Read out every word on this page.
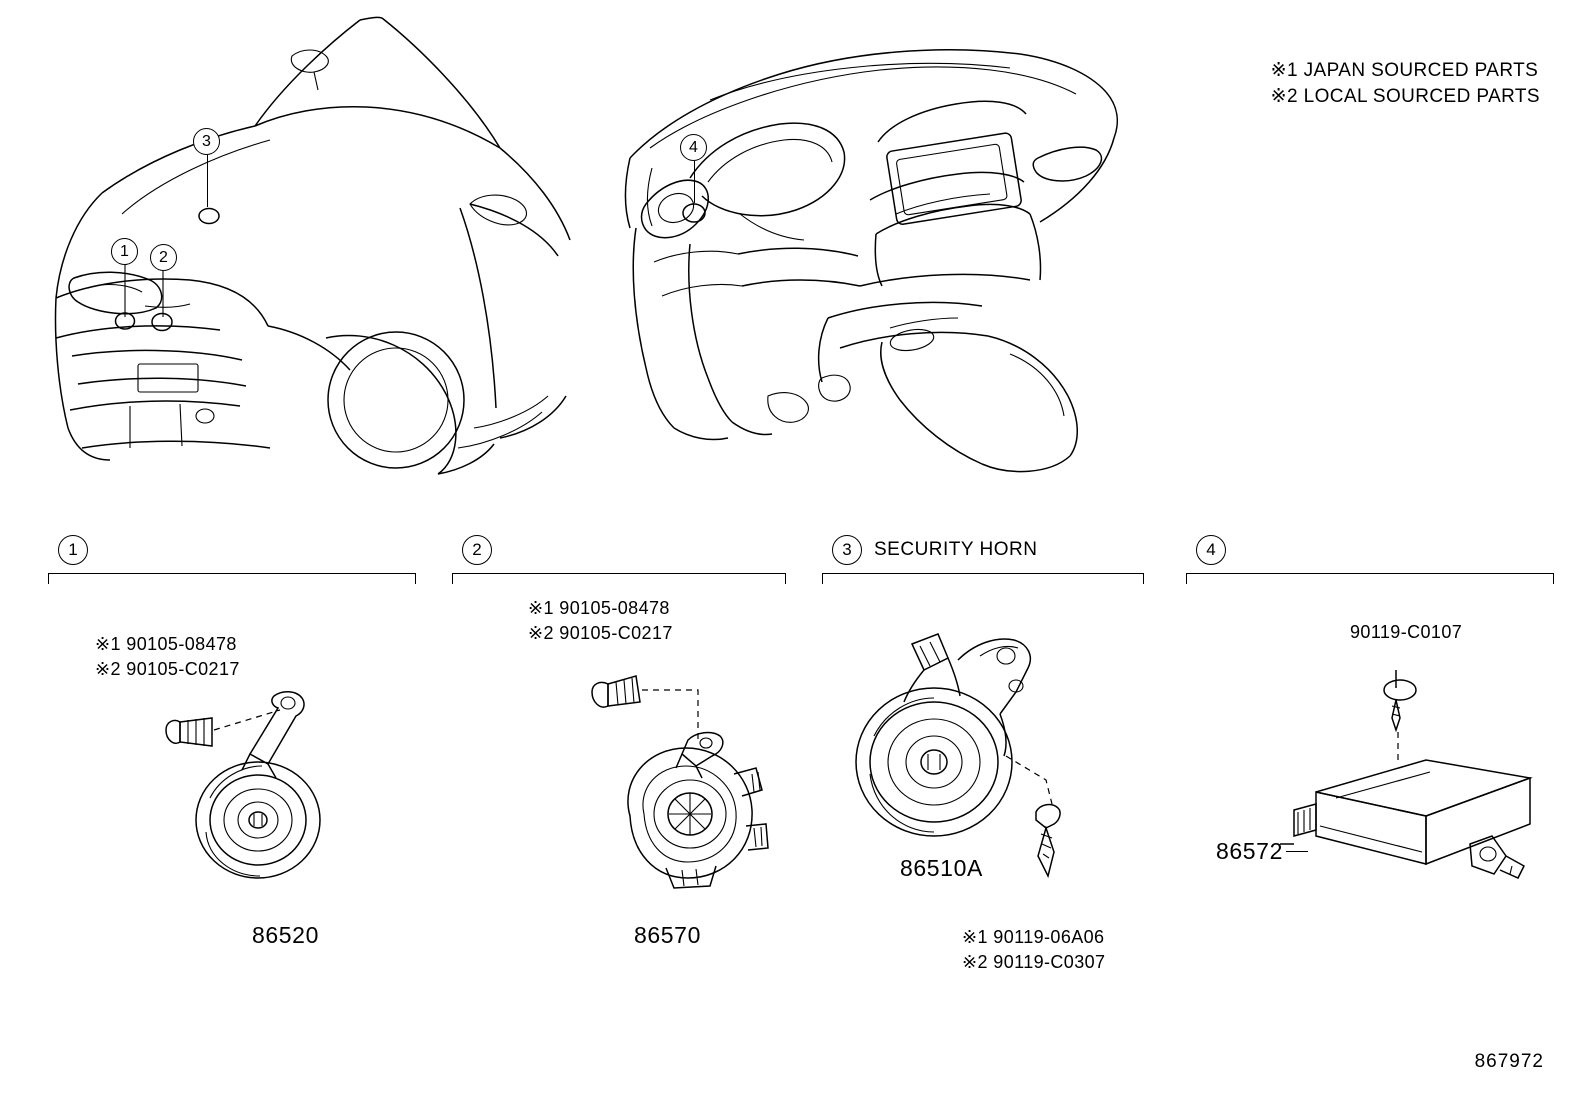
※1 JAPAN SOURCED PARTS
※2 LOCAL SOURCED PARTS
3
1 2
4
1	2	3 SECURITY HORN	4
※1 90105-08478
※2 90105-C0217
86520
※1 90105-08478
※2 90105-C0217
86570
86510A
※1 90119-06A06
※2 90119-C0307
90119-C0107
86572
867972
